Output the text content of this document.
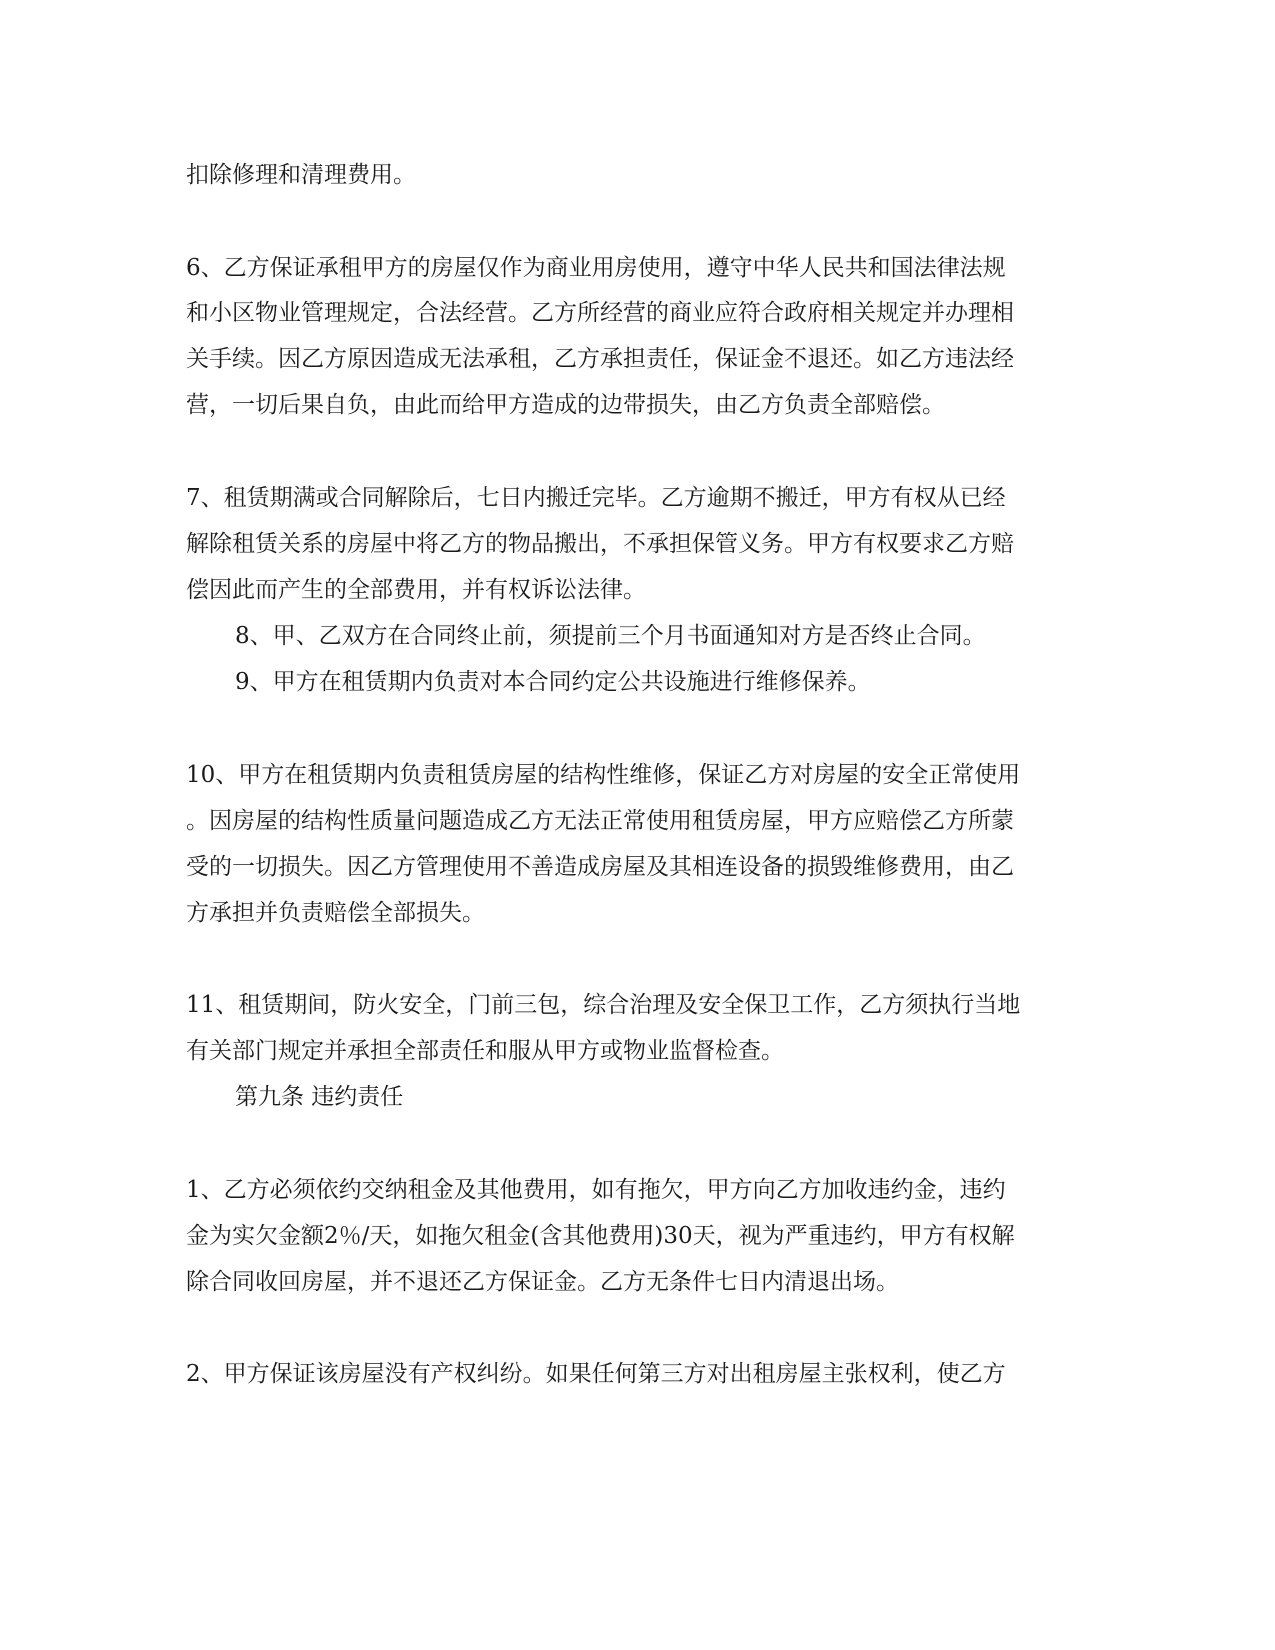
扣除修理和清理费用。
6、乙方保证承租甲方的房屋仅作为商业用房使用，遵守中华人民共和国法律法规
和小区物业管理规定，合法经营。乙方所经营的商业应符合政府相关规定并办理相
关手续。因乙方原因造成无法承租，乙方承担责任，保证金不退还。如乙方违法经
营，一切后果自负，由此而给甲方造成的边带损失，由乙方负责全部赔偿。
7、租赁期满或合同解除后，七日内搬迁完毕。乙方逾期不搬迁，甲方有权从已经
解除租赁关系的房屋中将乙方的物品搬出，不承担保管义务。甲方有权要求乙方赔
偿因此而产生的全部费用，并有权诉讼法律。
8、甲、乙双方在合同终止前，须提前三个月书面通知对方是否终止合同。
9、甲方在租赁期内负责对本合同约定公共设施进行维修保养。
10、甲方在租赁期内负责租赁房屋的结构性维修，保证乙方对房屋的安全正常使用
。因房屋的结构性质量问题造成乙方无法正常使用租赁房屋，甲方应赔偿乙方所蒙
受的一切损失。因乙方管理使用不善造成房屋及其相连设备的损毁维修费用，由乙
方承担并负责赔偿全部损失。
11、租赁期间，防火安全，门前三包，综合治理及安全保卫工作，乙方须执行当地
有关部门规定并承担全部责任和服从甲方或物业监督检查。
第九条 违约责任
1、乙方必须依约交纳租金及其他费用，如有拖欠，甲方向乙方加收违约金，违约
金为实欠金额2％/天，如拖欠租金(含其他费用)30天，视为严重违约，甲方有权解
除合同收回房屋，并不退还乙方保证金。乙方无条件七日内清退出场。
2、甲方保证该房屋没有产权纠纷。如果任何第三方对出租房屋主张权利，使乙方
